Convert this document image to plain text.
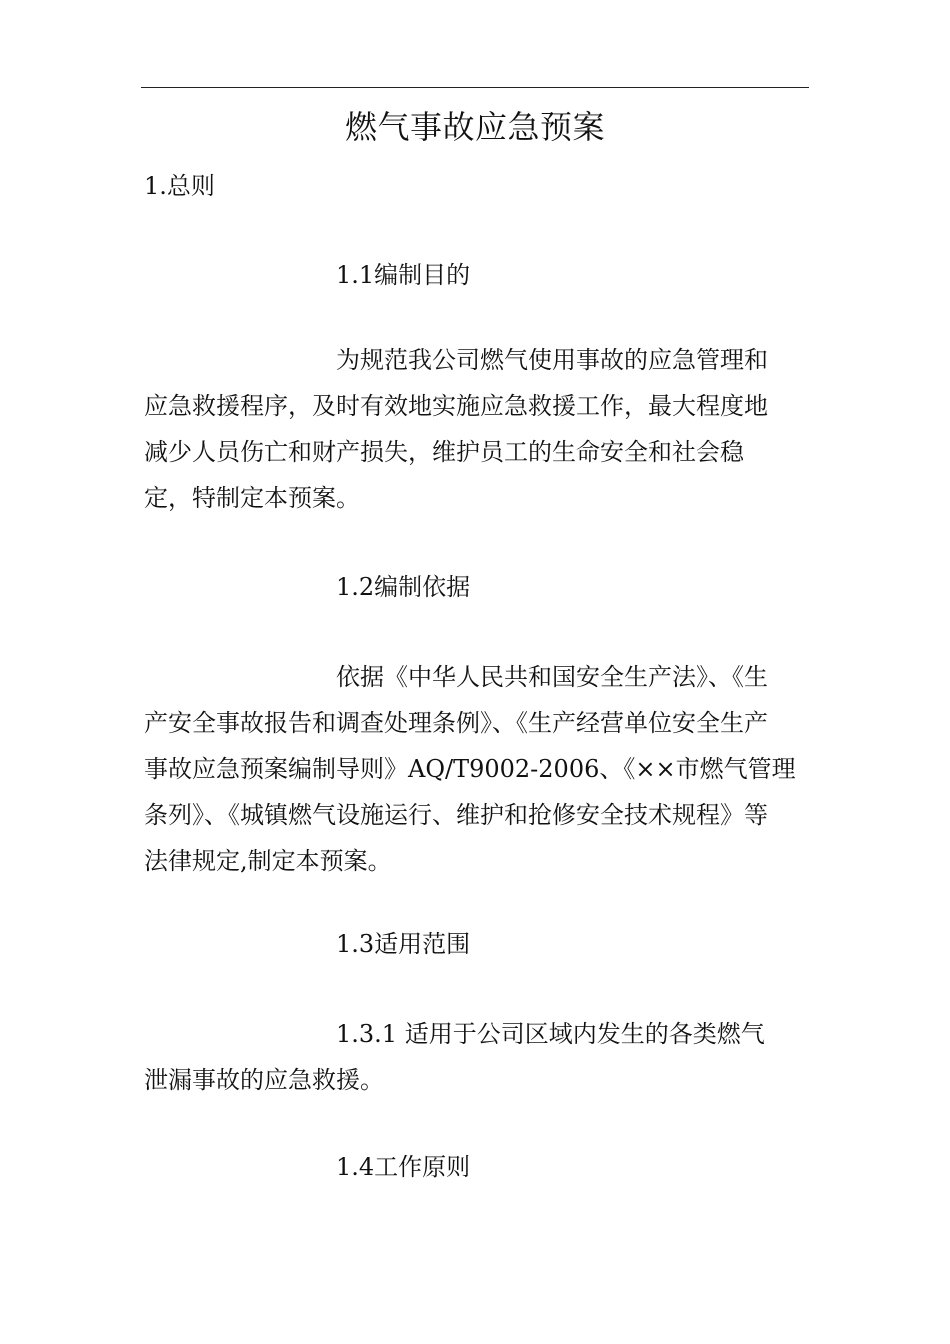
燃气事故应急预案
1.总则
1.1编制目的
为规范我公司燃气使用事故的应急管理和
应急救援程序，及时有效地实施应急救援工作，最大程度地
减少人员伤亡和财产损失，维护员工的生命安全和社会稳
定，特制定本预案。
1.2编制依据
依据《中华人民共和国安全生产法》、《生
产安全事故报告和调查处理条例》、《生产经营单位安全生产
事故应急预案编制导则》AQ/T9002-2006、《××市燃气管理
条列》、《城镇燃气设施运行、维护和抢修安全技术规程》等
法律规定,制定本预案。
1.3适用范围
1.3.1 适用于公司区域内发生的各类燃气
泄漏事故的应急救援。
1.4工作原则
